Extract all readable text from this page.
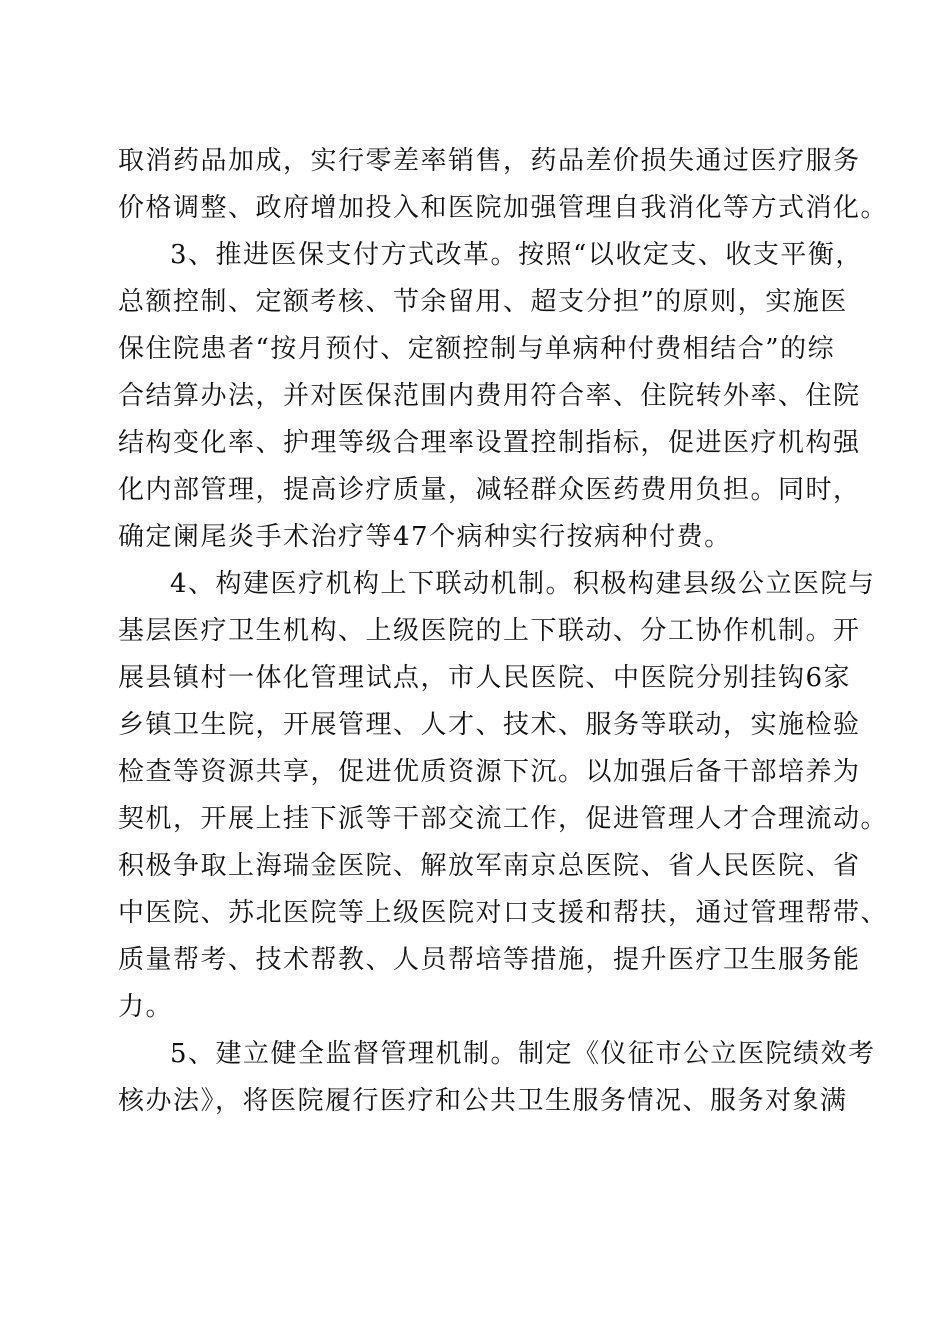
取消药品加成，实行零差率销售，药品差价损失通过医疗服务
价格调整、政府增加投入和医院加强管理自我消化等方式消化。
3、推进医保支付方式改革。按照“以收定支、收支平衡，
总额控制、定额考核、节余留用、超支分担”的原则，实施医
保住院患者“按月预付、定额控制与单病种付费相结合”的综
合结算办法，并对医保范围内费用符合率、住院转外率、住院
结构变化率、护理等级合理率设置控制指标，促进医疗机构强
化内部管理，提高诊疗质量，减轻群众医药费用负担。同时，
确定阑尾炎手术治疗等47个病种实行按病种付费。
4、构建医疗机构上下联动机制。积极构建县级公立医院与
基层医疗卫生机构、上级医院的上下联动、分工协作机制。开
展县镇村一体化管理试点，市人民医院、中医院分别挂钩6家
乡镇卫生院，开展管理、人才、技术、服务等联动，实施检验
检查等资源共享，促进优质资源下沉。以加强后备干部培养为
契机，开展上挂下派等干部交流工作，促进管理人才合理流动。
积极争取上海瑞金医院、解放军南京总医院、省人民医院、省
中医院、苏北医院等上级医院对口支援和帮扶，通过管理帮带、
质量帮考、技术帮教、人员帮培等措施，提升医疗卫生服务能
力。
5、建立健全监督管理机制。制定《仪征市公立医院绩效考
核办法》，将医院履行医疗和公共卫生服务情况、服务对象满
